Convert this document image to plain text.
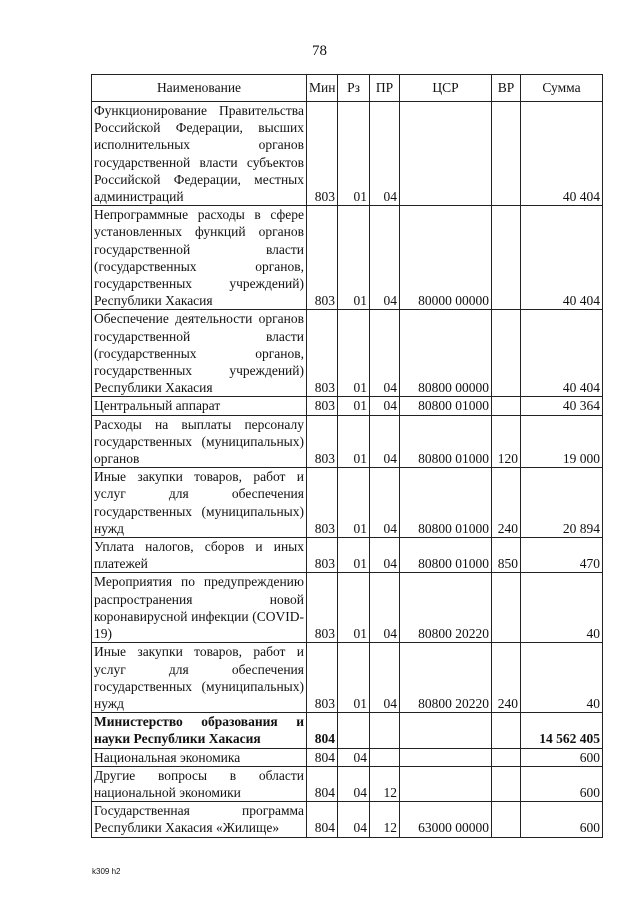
78
Наименование	Мин	Рз	ПР	ЦСР	ВР	Сумма
Функционирование Правительства Российской Федерации, высших исполнительных органов государственной власти субъектов Российской Федерации, местных администраций	803	01	04			40 404
Непрограммные расходы в сфере установленных функций органов государственной власти (государственных органов, государственных учреждений) Республики Хакасия	803	01	04	80000 00000		40 404
Обеспечение деятельности органов государственной власти (государственных органов, государственных учреждений) Республики Хакасия	803	01	04	80800 00000		40 404
Центральный аппарат	803	01	04	80800 01000		40 364
Расходы на выплаты персоналу государственных (муниципальных) органов	803	01	04	80800 01000	120	19 000
Иные закупки товаров, работ и услуг для обеспечения государственных (муниципальных) нужд	803	01	04	80800 01000	240	20 894
Уплата налогов, сборов и иных платежей	803	01	04	80800 01000	850	470
Мероприятия по предупреждению распространения новой коронавирусной инфекции (COVID-19)	803	01	04	80800 20220		40
Иные закупки товаров, работ и услуг для обеспечения государственных (муниципальных) нужд	803	01	04	80800 20220	240	40
Министерство образования и науки Республики Хакасия	804					14 562 405
Национальная экономика	804	04				600
Другие вопросы в области национальной экономики	804	04	12			600
Государственная программа Республики Хакасия «Жилище»	804	04	12	63000 00000		600
k309 h2
